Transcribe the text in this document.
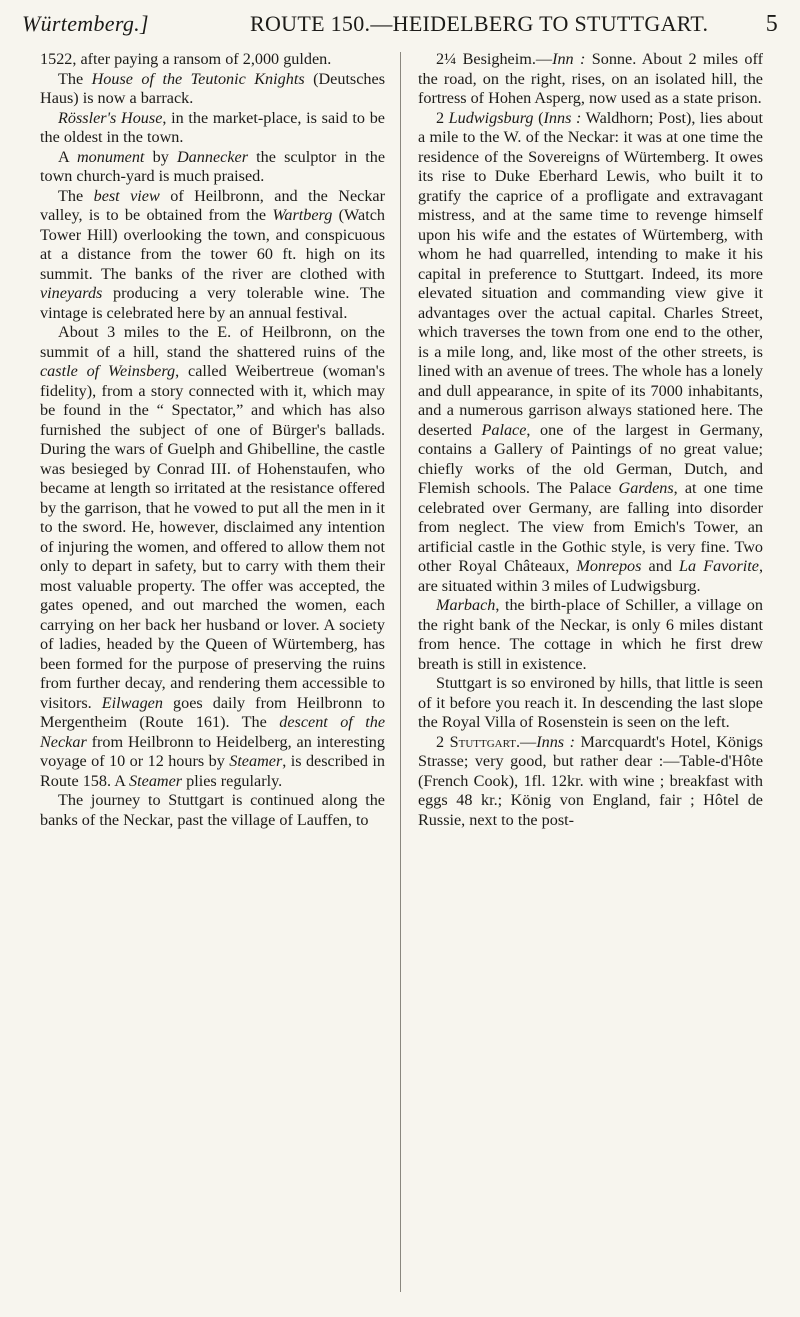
Würtemberg.]	ROUTE 150.—HEIDELBERG TO STUTTGART.	5

1522, after paying a ransom of 2,000 gulden.

The House of the Teutonic Knights (Deutsches Haus) is now a barrack.

Rössler's House, in the market-place, is said to be the oldest in the town.

A monument by Dannecker the sculptor in the town church-yard is much praised.

The best view of Heilbronn, and the Neckar valley, is to be obtained from the Wartberg (Watch Tower Hill) overlooking the town, and conspicuous at a distance from the tower 60 ft. high on its summit. The banks of the river are clothed with vineyards producing a very tolerable wine. The vintage is celebrated here by an annual festival.

About 3 miles to the E. of Heilbronn, on the summit of a hill, stand the shattered ruins of the castle of Weinsberg, called Weibertreue (woman's fidelity), from a story connected with it, which may be found in the “ Spectator,” and which has also furnished the subject of one of Bürger's ballads. During the wars of Guelph and Ghibelline, the castle was besieged by Conrad III. of Hohenstaufen, who became at length so irritated at the resistance offered by the garrison, that he vowed to put all the men in it to the sword. He, however, disclaimed any intention of injuring the women, and offered to allow them not only to depart in safety, but to carry with them their most valuable property. The offer was accepted, the gates opened, and out marched the women, each carrying on her back her husband or lover. A society of ladies, headed by the Queen of Würtemberg, has been formed for the purpose of preserving the ruins from further decay, and rendering them accessible to visitors. Eilwagen goes daily from Heilbronn to Mergentheim (Route 161). The descent of the Neckar from Heilbronn to Heidelberg, an interesting voyage of 10 or 12 hours by Steamer, is described in Route 158. A Steamer plies regularly.

The journey to Stuttgart is continued along the banks of the Neckar, past the village of Lauffen, to

2¼ Besigheim.—Inn : Sonne. About 2 miles off the road, on the right, rises, on an isolated hill, the fortress of Hohen Asperg, now used as a state prison.

2 Ludwigsburg (Inns : Waldhorn; Post), lies about a mile to the W. of the Neckar: it was at one time the residence of the Sovereigns of Würtemberg. It owes its rise to Duke Eberhard Lewis, who built it to gratify the caprice of a profligate and extravagant mistress, and at the same time to revenge himself upon his wife and the estates of Würtemberg, with whom he had quarrelled, intending to make it his capital in preference to Stuttgart. Indeed, its more elevated situation and commanding view give it advantages over the actual capital. Charles Street, which traverses the town from one end to the other, is a mile long, and, like most of the other streets, is lined with an avenue of trees. The whole has a lonely and dull appearance, in spite of its 7000 inhabitants, and a numerous garrison always stationed here. The deserted Palace, one of the largest in Germany, contains a Gallery of Paintings of no great value; chiefly works of the old German, Dutch, and Flemish schools. The Palace Gardens, at one time celebrated over Germany, are falling into disorder from neglect. The view from Emich's Tower, an artificial castle in the Gothic style, is very fine. Two other Royal Châteaux, Monrepos and La Favorite, are situated within 3 miles of Ludwigsburg.

Marbach, the birth-place of Schiller, a village on the right bank of the Neckar, is only 6 miles distant from hence. The cottage in which he first drew breath is still in existence.

Stuttgart is so environed by hills, that little is seen of it before you reach it. In descending the last slope the Royal Villa of Rosenstein is seen on the left.

2 Stuttgart.—Inns : Marcquardt's Hotel, Königs Strasse; very good, but rather dear :—Table-d'Hôte (French Cook), 1fl. 12kr. with wine ; breakfast with eggs 48 kr.; König von England, fair ; Hôtel de Russie, next to the post-
